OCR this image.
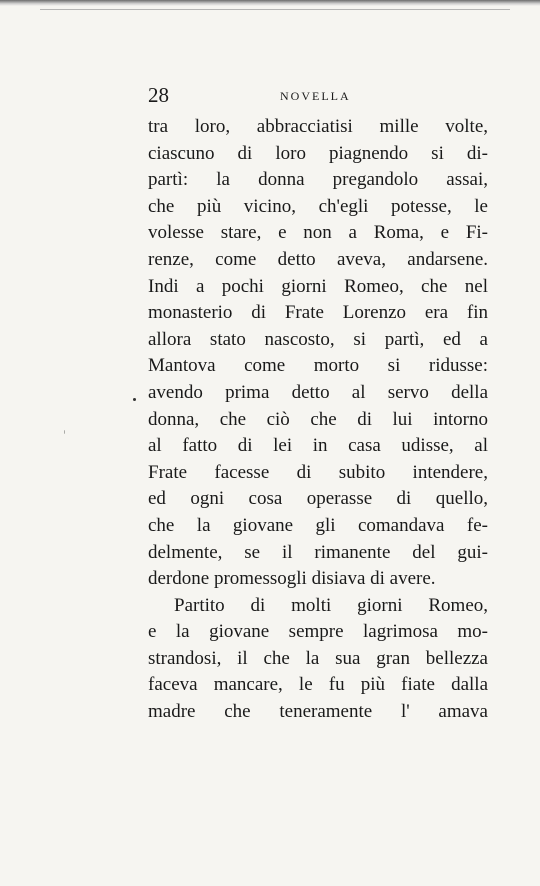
28	NOVELLA
tra loro, abbracciatisi mille volte,
ciascuno di loro piagnendo si di-
partì: la donna pregandolo assai,
che più vicino, ch'egli potesse, le
volesse stare, e non a Roma, e Fi-
renze, come detto aveva, andarsene.
Indi a pochi giorni Romeo, che nel
monasterio di Frate Lorenzo era fin
allora stato nascosto, si partì, ed a
Mantova come morto si ridusse:
avendo prima detto al servo della
donna, che ciò che di lui intorno
al fatto di lei in casa udisse, al
Frate facesse di subito intendere,
ed ogni cosa operasse di quello,
che la giovane gli comandava fe-
delmente, se il rimanente del gui-
derdone promessogli disiava di avere.
Partito di molti giorni Romeo,
e la giovane sempre lagrimosa mo-
strandosi, il che la sua gran bellezza
faceva mancare, le fu più fiate dalla
madre che teneramente l' amava
